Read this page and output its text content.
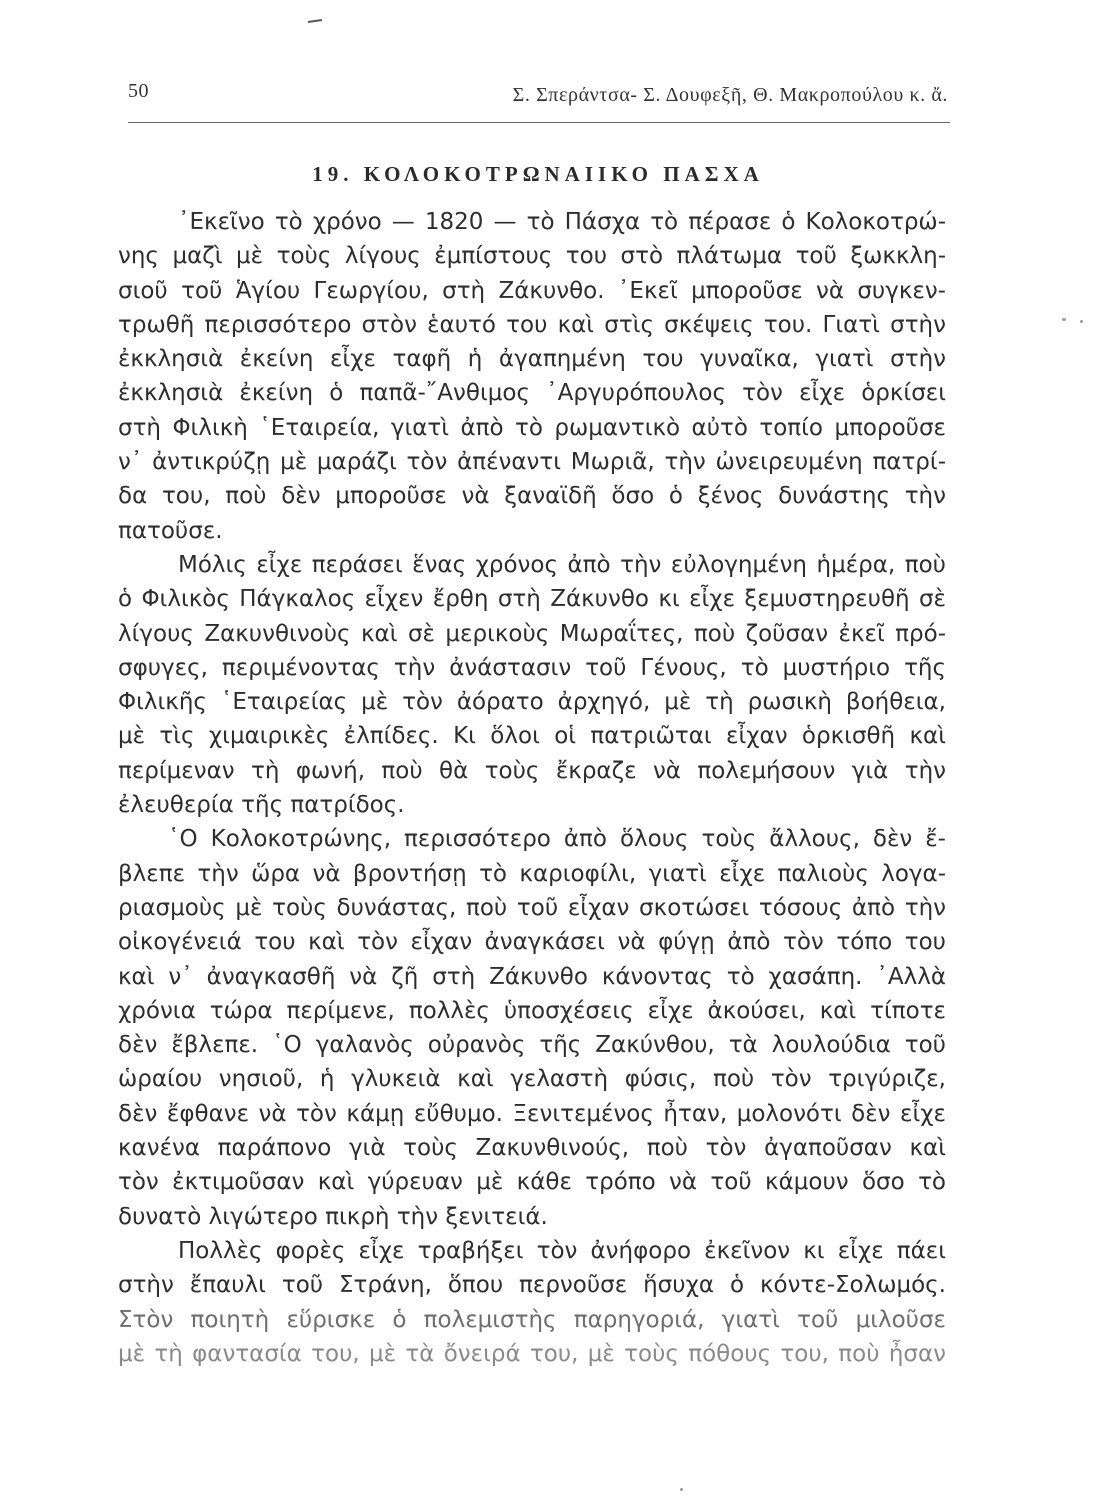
50	Σ. Σπεράντσα- Σ. Δουφεξῆ, Θ. Μακροπούλου κ. ἄ.
19. ΚΟΛΟΚΟΤΡΩΝΑΙΙΚΟ ΠΑΣΧΑ
᾿Εκεῖνο τὸ χρόνο — 1820 — τὸ Πάσχα τὸ πέρασε ὁ Κολοκοτρώ-
νης μαζὶ μὲ τοὺς λίγους ἐμπίστους του στὸ πλάτωμα τοῦ ξωκκλη-
σιοῦ τοῦ Ἁγίου Γεωργίου, στὴ Ζάκυνθο. ᾿Εκεῖ μποροῦσε νὰ συγκεν-
τρωθῆ περισσότερο στὸν ἑαυτό του καὶ στὶς σκέψεις του. Γιατὶ στὴν
ἐκκλησιὰ ἐκείνη εἶχε ταφῆ ἡ ἀγαπημένη του γυναῖκα, γιατὶ στὴν
ἐκκλησιὰ ἐκείνη ὁ παπᾶ-῎Ανθιμος ᾿Αργυρόπουλος τὸν εἶχε ὁρκίσει
στὴ Φιλικὴ ῾Εταιρεία, γιατὶ ἀπὸ τὸ ρωμαντικὸ αὐτὸ τοπίο μποροῦσε
ν᾿ ἀντικρύζῃ μὲ μαράζι τὸν ἀπέναντι Μωριᾶ, τὴν ὠνειρευμένη πατρί-
δα του, ποὺ δὲν μποροῦσε νὰ ξαναϊδῆ ὅσο ὁ ξένος δυνάστης τὴν
πατοῦσε.
Μόλις εἶχε περάσει ἕνας χρόνος ἀπὸ τὴν εὐλογημένη ἡμέρα, ποὺ
ὁ Φιλικὸς Πάγκαλος εἶχεν ἔρθη στὴ Ζάκυνθο κι εἶχε ξεμυστηρευθῆ σὲ
λίγους Ζακυνθινοὺς καὶ σὲ μερικοὺς Μωραΐτες, ποὺ ζοῦσαν ἐκεῖ πρό-
σφυγες, περιμένοντας τὴν ἀνάστασιν τοῦ Γένους, τὸ μυστήριο τῆς
Φιλικῆς ῾Εταιρείας μὲ τὸν ἀόρατο ἀρχηγό, μὲ τὴ ρωσικὴ βοήθεια,
μὲ τὶς χιμαιρικὲς ἐλπίδες. Κι ὅλοι οἱ πατριῶται εἶχαν ὁρκισθῆ καὶ
περίμεναν τὴ φωνή, ποὺ θὰ τοὺς ἔκραζε νὰ πολεμήσουν γιὰ τὴν
ἐλευθερία τῆς πατρίδος.
῾Ο Κολοκοτρώνης, περισσότερο ἀπὸ ὅλους τοὺς ἄλλους, δὲν ἔ-
βλεπε τὴν ὥρα νὰ βροντήσῃ τὸ καριοφίλι, γιατὶ εἶχε παλιοὺς λογα-
ριασμοὺς μὲ τοὺς δυνάστας, ποὺ τοῦ εἶχαν σκοτώσει τόσους ἀπὸ τὴν
οἰκογένειά του καὶ τὸν εἶχαν ἀναγκάσει νὰ φύγῃ ἀπὸ τὸν τόπο του
καὶ ν᾿ ἀναγκασθῆ νὰ ζῆ στὴ Ζάκυνθο κάνοντας τὸ χασάπη. ᾿Αλλὰ
χρόνια τώρα περίμενε, πολλὲς ὑποσχέσεις εἶχε ἀκούσει, καὶ τίποτε
δὲν ἔβλεπε. ῾Ο γαλανὸς οὐρανὸς τῆς Ζακύνθου, τὰ λουλούδια τοῦ
ὡραίου νησιοῦ, ἡ γλυκειὰ καὶ γελαστὴ φύσις, ποὺ τὸν τριγύριζε,
δὲν ἔφθανε νὰ τὸν κάμῃ εὔθυμο. Ξενιτεμένος ἦταν, μολονότι δὲν εἶχε
κανένα παράπονο γιὰ τοὺς Ζακυνθινούς, ποὺ τὸν ἀγαποῦσαν καὶ
τὸν ἐκτιμοῦσαν καὶ γύρευαν μὲ κάθε τρόπο νὰ τοῦ κάμουν ὅσο τὸ
δυνατὸ λιγώτερο πικρὴ τὴν ξενιτειά.
Πολλὲς φορὲς εἶχε τραβήξει τὸν ἀνήφορο ἐκεῖνον κι εἶχε πάει
στὴν ἔπαυλι τοῦ Στράνη, ὅπου περνοῦσε ἥσυχα ὁ κόντε-Σολωμός.
Στὸν ποιητὴ εὕρισκε ὁ πολεμιστὴς παρηγοριά, γιατὶ τοῦ μιλοῦσε
μὲ τὴ φαντασία του, μὲ τὰ ὄνειρά του, μὲ τοὺς πόθους του, ποὺ ἦσαν
